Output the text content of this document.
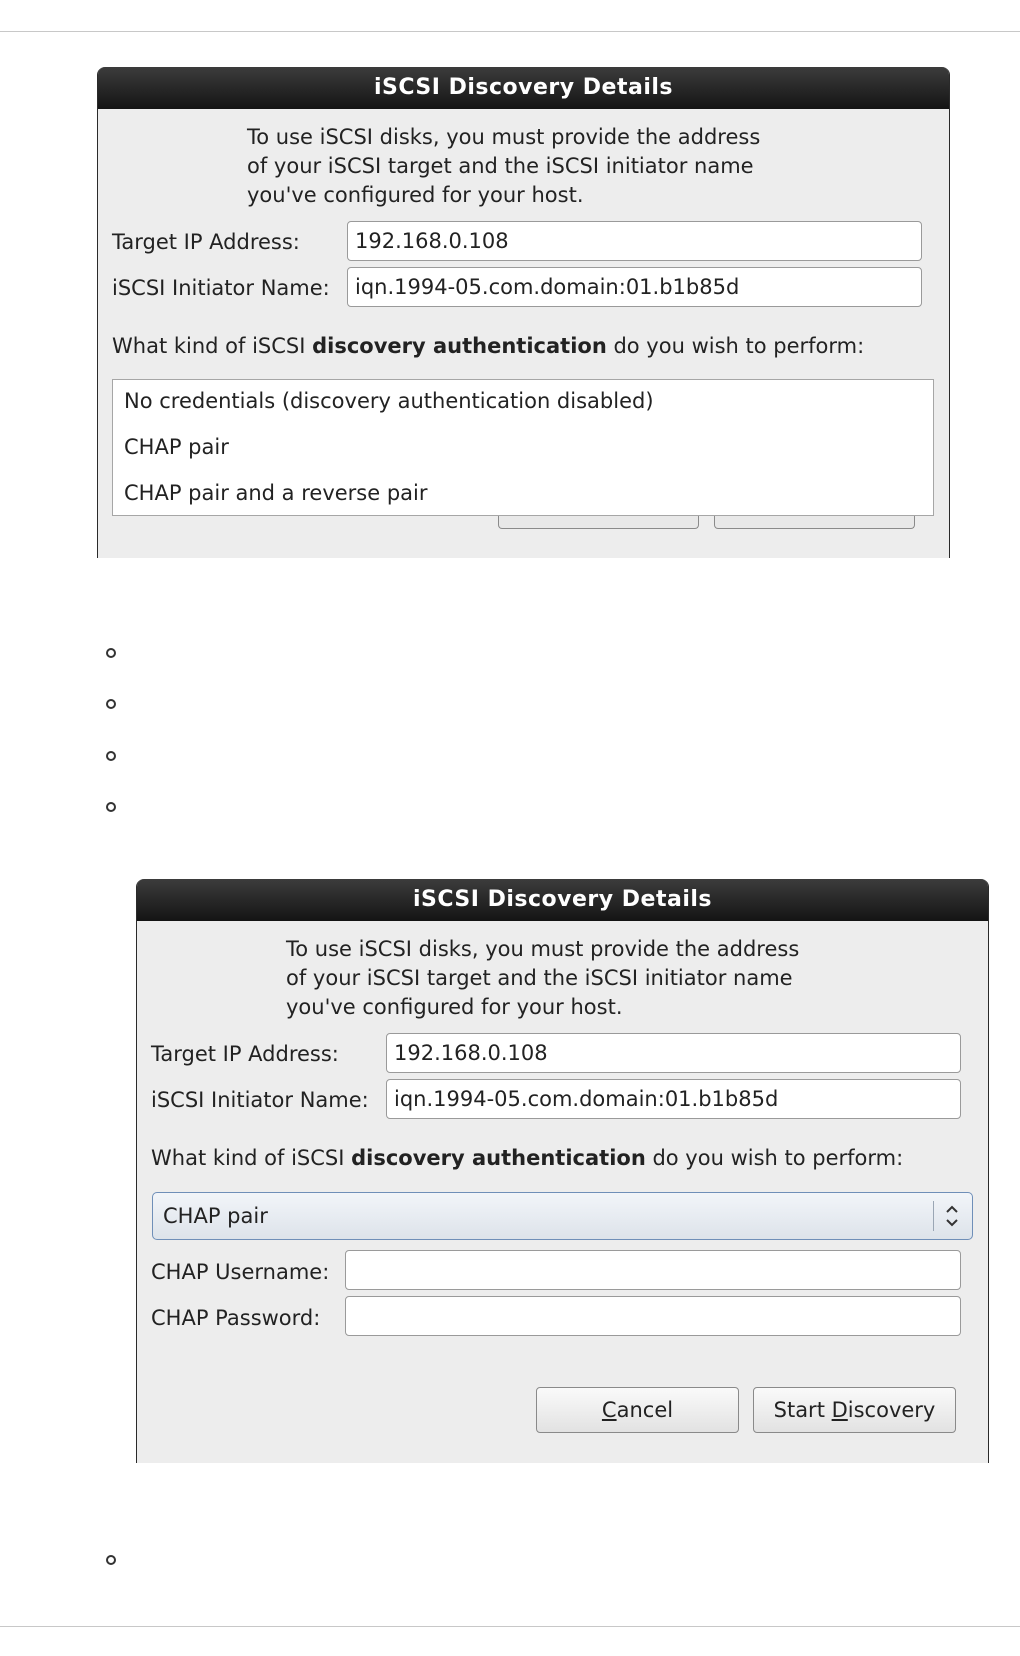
iSCSI Discovery Details
To use iSCSI disks, you must provide the address
of your iSCSI target and the iSCSI initiator name
you've configured for your host.
Target IP Address:	192.168.0.108
iSCSI Initiator Name:	iqn.1994-05.com.domain:01.b1b85d
What kind of iSCSI discovery authentication do you wish to perform:
No credentials (discovery authentication disabled)
CHAP pair
CHAP pair and a reverse pair
iSCSI Discovery Details
To use iSCSI disks, you must provide the address
of your iSCSI target and the iSCSI initiator name
you've configured for your host.
Target IP Address:	192.168.0.108
iSCSI Initiator Name:	iqn.1994-05.com.domain:01.b1b85d
What kind of iSCSI discovery authentication do you wish to perform:
CHAP pair
CHAP Username:
CHAP Password:
Cancel	Start Discovery
